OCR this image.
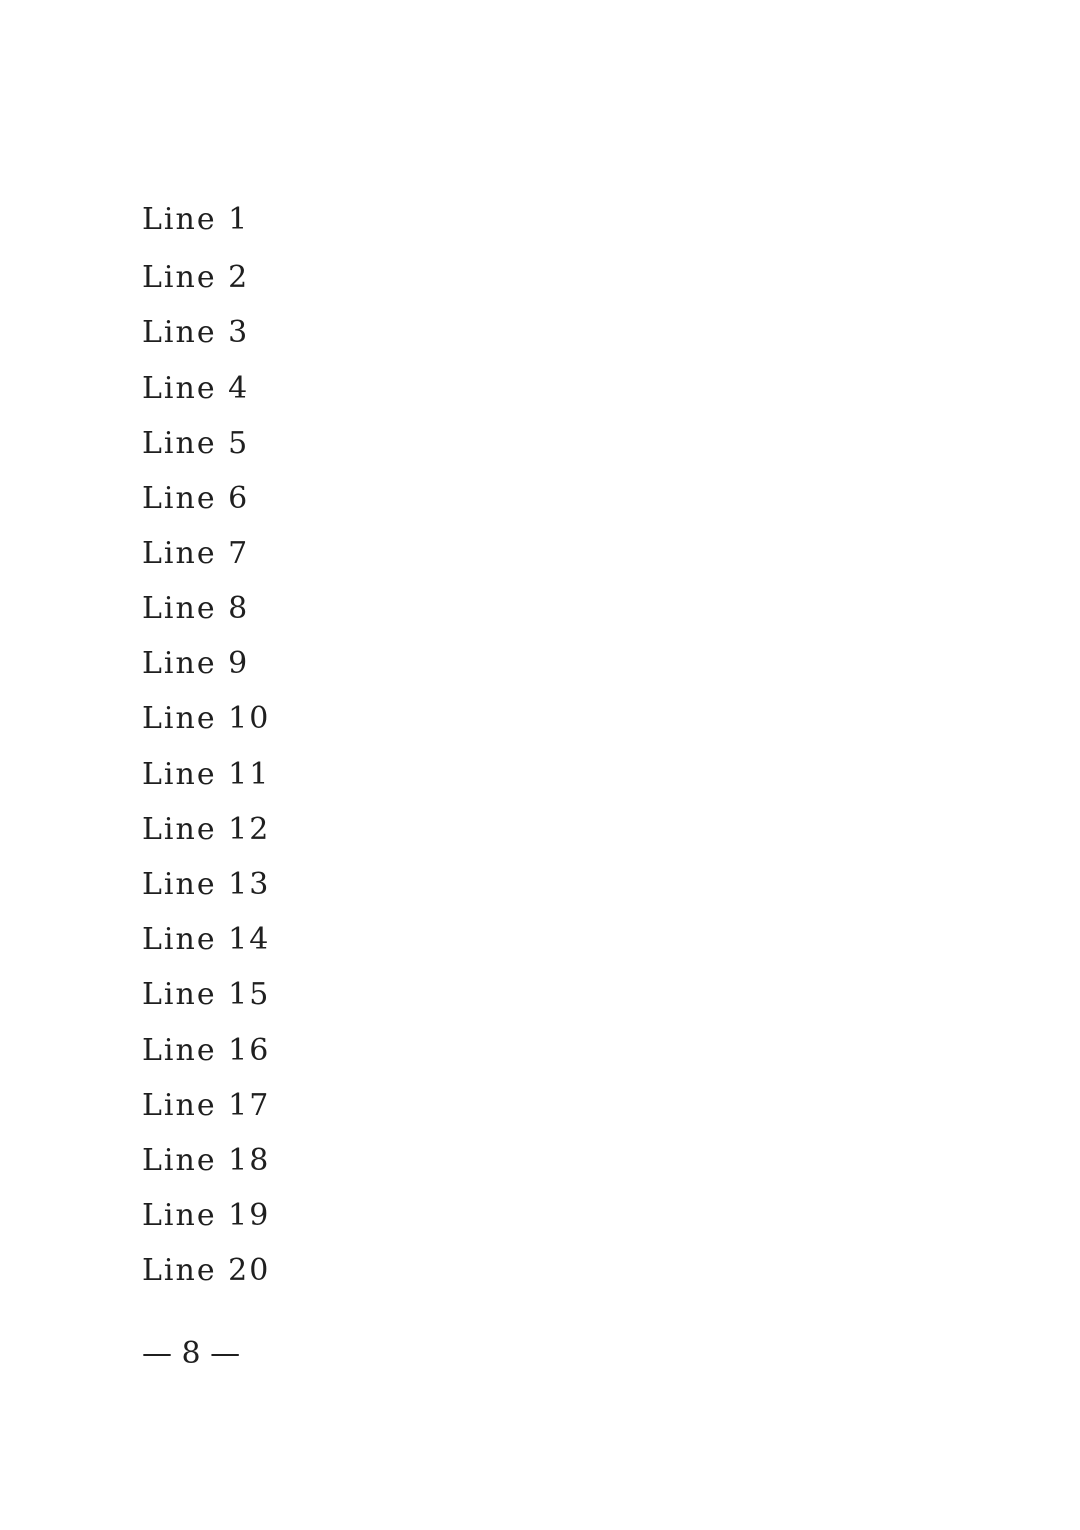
Line 1
Line 2
Line 3
Line 4
Line 5
Line 6
Line 7
Line 8
Line 9
Line 10
Line 11
Line 12
Line 13
Line 14
Line 15
Line 16
Line 17
Line 18
Line 19
Line 20
— 8 —
